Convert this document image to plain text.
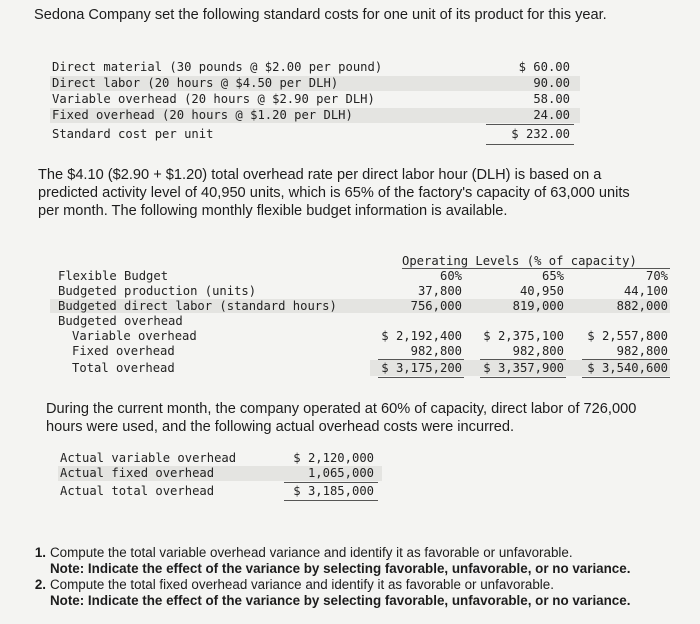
Sedona Company set the following standard costs for one unit of its product for this year.
Direct material (30 pounds @ $2.00 per pound)	$ 60.00
Direct labor (20 hours @ $4.50 per DLH)	90.00
Variable overhead (20 hours @ $2.90 per DLH)	58.00
Fixed overhead (20 hours @ $1.20 per DLH)	24.00
Standard cost per unit	$ 232.00
The $4.10 ($2.90 + $1.20) total overhead rate per direct labor hour (DLH) is based on a predicted activity level of 40,950 units, which is 65% of the factory's capacity of 63,000 units per month. The following monthly flexible budget information is available.
Operating Levels (% of capacity)
Flexible Budget	60%	65%	70%
Budgeted production (units)	37,800	40,950	44,100
Budgeted direct labor (standard hours)	756,000	819,000	882,000
Budgeted overhead
Variable overhead	$ 2,192,400	$ 2,375,100	$ 2,557,800
Fixed overhead	982,800	982,800	982,800
Total overhead	$ 3,175,200	$ 3,357,900	$ 3,540,600
During the current month, the company operated at 60% of capacity, direct labor of 726,000 hours were used, and the following actual overhead costs were incurred.
Actual variable overhead	$ 2,120,000
Actual fixed overhead	1,065,000
Actual total overhead	$ 3,185,000
1. Compute the total variable overhead variance and identify it as favorable or unfavorable.
Note: Indicate the effect of the variance by selecting favorable, unfavorable, or no variance.
2. Compute the total fixed overhead variance and identify it as favorable or unfavorable.
Note: Indicate the effect of the variance by selecting favorable, unfavorable, or no variance.
